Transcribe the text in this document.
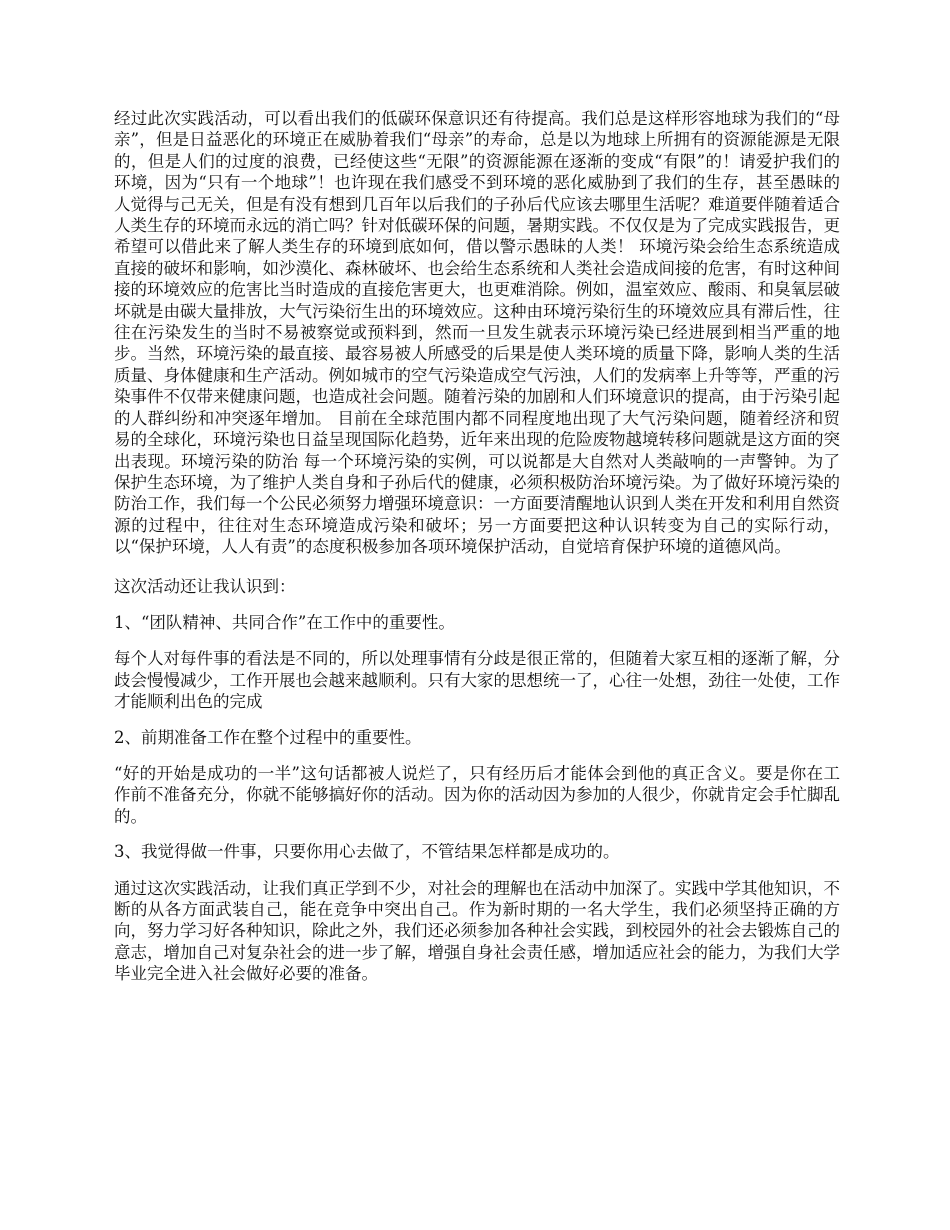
经过此次实践活动，可以看出我们的低碳环保意识还有待提高。我们总是这样形容地球为我们的“母亲”，但是日益恶化的环境正在威胁着我们“母亲”的寿命，总是以为地球上所拥有的资源能源是无限的，但是人们的过度的浪费，已经使这些“无限”的资源能源在逐渐的变成“有限”的！请爱护我们的环境，因为“只有一个地球”！也许现在我们感受不到环境的恶化威胁到了我们的生存，甚至愚昧的人觉得与己无关，但是有没有想到几百年以后我们的子孙后代应该去哪里生活呢？难道要伴随着适合人类生存的环境而永远的消亡吗？针对低碳环保的问题，暑期实践。不仅仅是为了完成实践报告，更希望可以借此来了解人类生存的环境到底如何，借以警示愚昧的人类！ 环境污染会给生态系统造成直接的破坏和影响，如沙漠化、森林破坏、也会给生态系统和人类社会造成间接的危害，有时这种间接的环境效应的危害比当时造成的直接危害更大，也更难消除。例如，温室效应、酸雨、和臭氧层破坏就是由碳大量排放，大气污染衍生出的环境效应。这种由环境污染衍生的环境效应具有滞后性，往往在污染发生的当时不易被察觉或预料到，然而一旦发生就表示环境污染已经进展到相当严重的地步。当然，环境污染的最直接、最容易被人所感受的后果是使人类环境的质量下降，影响人类的生活质量、身体健康和生产活动。例如城市的空气污染造成空气污浊，人们的发病率上升等等，严重的污染事件不仅带来健康问题，也造成社会问题。随着污染的加剧和人们环境意识的提高，由于污染引起的人群纠纷和冲突逐年增加。 目前在全球范围内都不同程度地出现了大气污染问题，随着经济和贸易的全球化，环境污染也日益呈现国际化趋势，近年来出现的危险废物越境转移问题就是这方面的突出表现。环境污染的防治 每一个环境污染的实例，可以说都是大自然对人类敲响的一声警钟。为了保护生态环境，为了维护人类自身和子孙后代的健康，必须积极防治环境污染。为了做好环境污染的防治工作，我们每一个公民必须努力增强环境意识：一方面要清醒地认识到人类在开发和利用自然资源的过程中，往往对生态环境造成污染和破坏；另一方面要把这种认识转变为自己的实际行动，以“保护环境，人人有责”的态度积极参加各项环境保护活动，自觉培育保护环境的道德风尚。

这次活动还让我认识到：

1、“团队精神、共同合作”在工作中的重要性。

每个人对每件事的看法是不同的，所以处理事情有分歧是很正常的，但随着大家互相的逐渐了解，分歧会慢慢减少，工作开展也会越来越顺利。只有大家的思想统一了，心往一处想，劲往一处使，工作才能顺利出色的完成

2、前期准备工作在整个过程中的重要性。

“好的开始是成功的一半”这句话都被人说烂了，只有经历后才能体会到他的真正含义。要是你在工作前不准备充分，你就不能够搞好你的活动。因为你的活动因为参加的人很少，你就肯定会手忙脚乱的。

3、我觉得做一件事，只要你用心去做了，不管结果怎样都是成功的。

通过这次实践活动，让我们真正学到不少，对社会的理解也在活动中加深了。实践中学其他知识，不断的从各方面武装自己，能在竞争中突出自己。作为新时期的一名大学生，我们必须坚持正确的方向，努力学习好各种知识，除此之外，我们还必须参加各种社会实践，到校园外的社会去锻炼自己的意志，增加自己对复杂社会的进一步了解，增强自身社会责任感，增加适应社会的能力，为我们大学毕业完全进入社会做好必要的准备。
